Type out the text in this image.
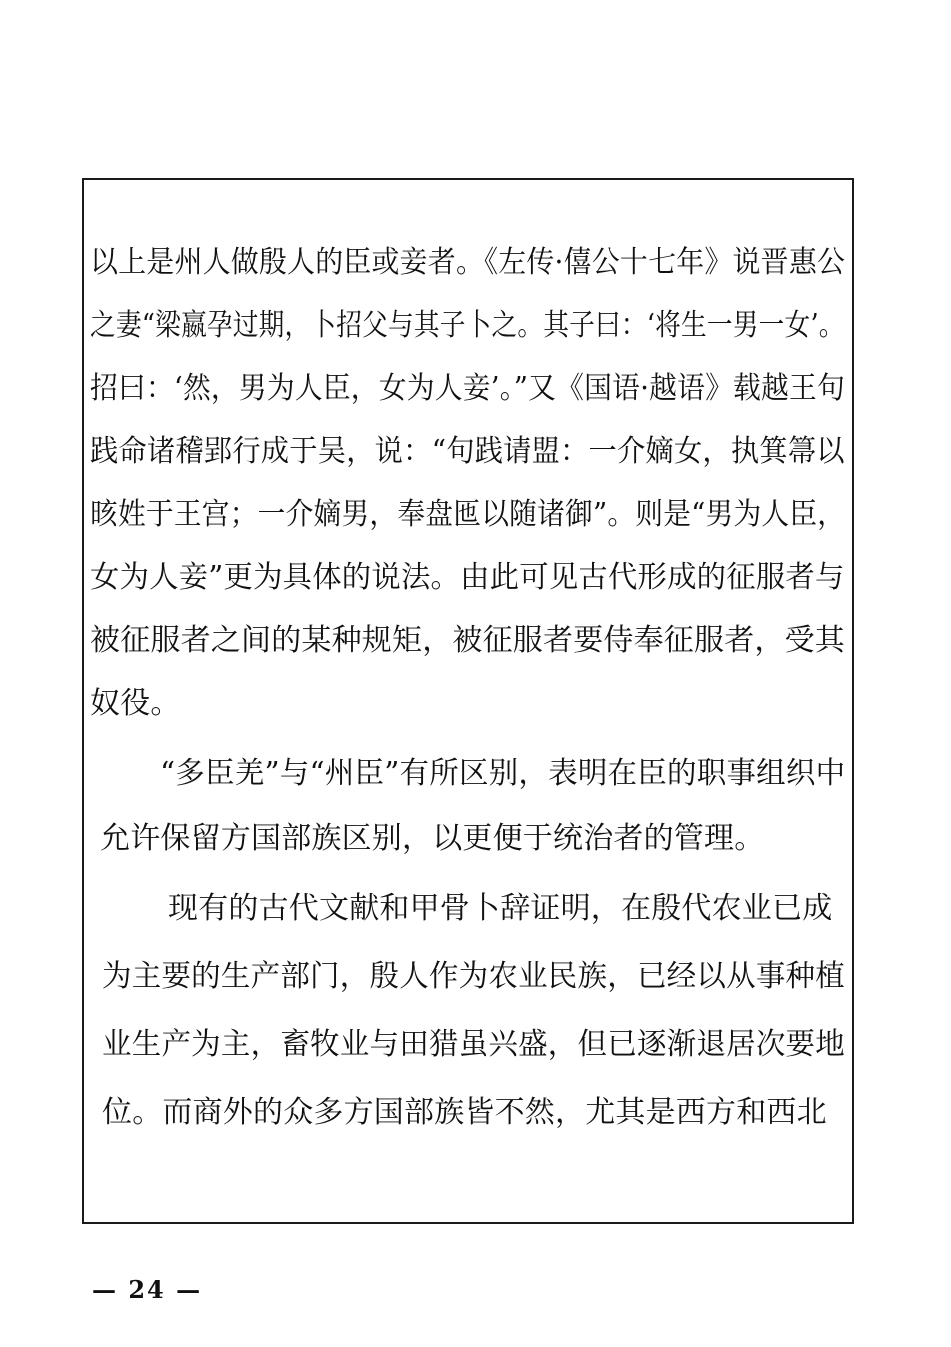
以上是州人做殷人的臣或妾者。《左传·僖公十七年》说晋惠公
之妻“梁嬴孕过期，卜招父与其子卜之。其子曰：‘将生一男一女’。
招曰：‘然，男为人臣，女为人妾’。”又《国语·越语》载越王句
践命诸稽郢行成于吴，说：“句践请盟：一介嫡女，执箕箒以
晐姓于王宫；一介嫡男，奉盘匜以随诸御”。则是“男为人臣，
女为人妾”更为具体的说法。由此可见古代形成的征服者与
被征服者之间的某种规矩，被征服者要侍奉征服者，受其
奴役。
“多臣羌”与“州臣”有所区别，表明在臣的职事组织中
允许保留方国部族区别，以更便于统治者的管理。
现有的古代文献和甲骨卜辞证明，在殷代农业已成
为主要的生产部门，殷人作为农业民族，已经以从事种植
业生产为主，畜牧业与田猎虽兴盛，但已逐渐退居次要地
位。而商外的众多方国部族皆不然，尤其是西方和西北
— 24 —
